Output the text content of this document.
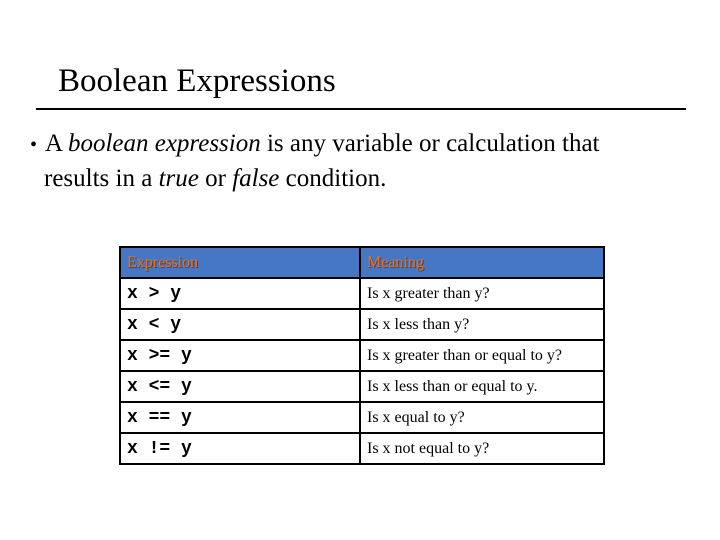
Boolean Expressions
• A boolean expression is any variable or calculation that
results in a true or false condition.
Expression	Meaning
x > y	Is x greater than y?
x < y	Is x less than y?
x >= y	Is x greater than or equal to y?
x <= y	Is x less than or equal to y.
x == y	Is x equal to y?
x != y	Is x not equal to y?
